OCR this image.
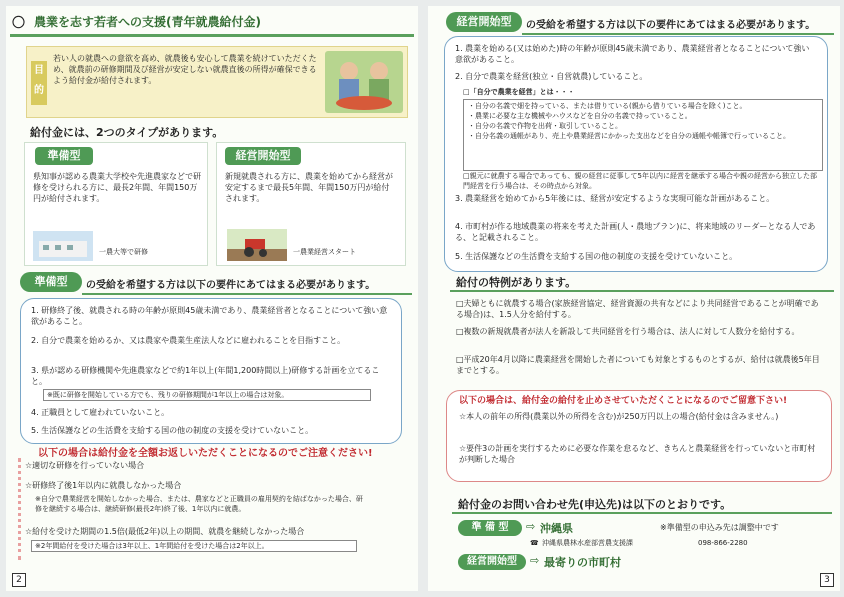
〇 農業を志す若者への支援(青年就農給付金)
目的
若い人の就農への意欲を高め、就農後も安心して農業を続けていただくため、就農前の研修期間及び経営が安定しない就農直後の所得が確保できるよう給付金が給付されます。
給付金には、2つのタイプがあります。
準備型
県知事が認める農業大学校や先進農家などで研修を受けられる方に、最長2年間、年間150万円が給付されます。
一農大等で研修
経営開始型
新規就農される方に、農業を始めてから経営が安定するまで最長5年間、年間150万円が給付されます。
一農業経営スタート
準備型	の受給を希望する方は以下の要件にあてはまる必要があります。
1. 研修終了後、就農される時の年齢が原則45歳未満であり、農業経営者となることについて強い意欲があること。
2. 自分で農業を始めるか、又は農家や農業生産法人などに雇われることを目指すこと。
3. 県が認める研修機関や先進農家などで約1年以上(年間1,200時間以上)研修する計画を立てること。
※既に研修を開始している方でも、残りの研修期間が1年以上の場合は対象。
4. 正職員として雇われていないこと。
5. 生活保護などの生活費を支給する国の他の制度の支援を受けていないこと。
以下の場合は給付金を全額お返しいただくことになるのでご注意ください!
☆適切な研修を行っていない場合
☆研修終了後1年以内に就農しなかった場合
※自分で農業経営を開始しなかった場合、または、農家などと正職員の雇用契約を結ばなかった場合、研修を継続する場合は、継続研修(最長2年)終了後、1年以内に就農。
☆給付を受けた期間の1.5倍(最低2年)以上の期間、就農を継続しなかった場合
※2年間給付を受けた場合は3年以上、1年間給付を受けた場合は2年以上。
2
経営開始型	の受給を希望する方は以下の要件にあてはまる必要があります。
1. 農業を始める(又は始めた)時の年齢が原則45歳未満であり、農業経営者となることについて強い意欲があること。
2. 自分で農業を経営(独立・自営就農)していること。
□「自分で農業を経営」とは・・・
・自分の名義で畑を持っている、または借りている(親から借りている場合を除く)こと。
・農業に必要な主な機械やハウスなどを自分の名義で持っていること。
・自分の名義で作物を出荷・取引していること。
・自分名義の通帳があり、売上や農業経営にかかった支出などを自分の通帳や帳簿で行っていること。
□親元に就農する場合であっても、親の経営に従事して5年以内に経営を継承する場合や親の経営から独立した部門経営を行う場合は、その時点から対象。
3. 農業経営を始めてから5年後には、経営が安定するような実現可能な計画があること。
4. 市町村が作る地域農業の将来を考えた計画(人・農地プラン)に、将来地域のリーダーとなる人である、と記載されること。
5. 生活保護などの生活費を支給する国の他の制度の支援を受けていないこと。
給付の特例があります。
□夫婦ともに就農する場合(家族経営協定、経営資源の共有などにより共同経営であることが明確である場合)は、1.5人分を給付する。
□複数の新規就農者が法人を新設して共同経営を行う場合は、法人に対して人数分を給付する。
□平成20年4月以降に農業経営を開始した者についても対象とするものとするが、給付は就農後5年目までとする。
以下の場合は、給付金の給付を止めさせていただくことになるのでご留意下さい!
☆本人の前年の所得(農業以外の所得を含む)が250万円以上の場合(給付金は含みません。)
☆要件3の計画を実行するために必要な作業を怠るなど、きちんと農業経営を行っていないと市町村が判断した場合
給付金のお問い合わせ先(申込先)は以下のとおりです。
準 備 型	⇨ 沖縄県	※準備型の申込み先は調整中です
☎ 沖縄県農林水産部営農支援課	098-866-2280
経営開始型	⇨ 最寄りの市町村
3
